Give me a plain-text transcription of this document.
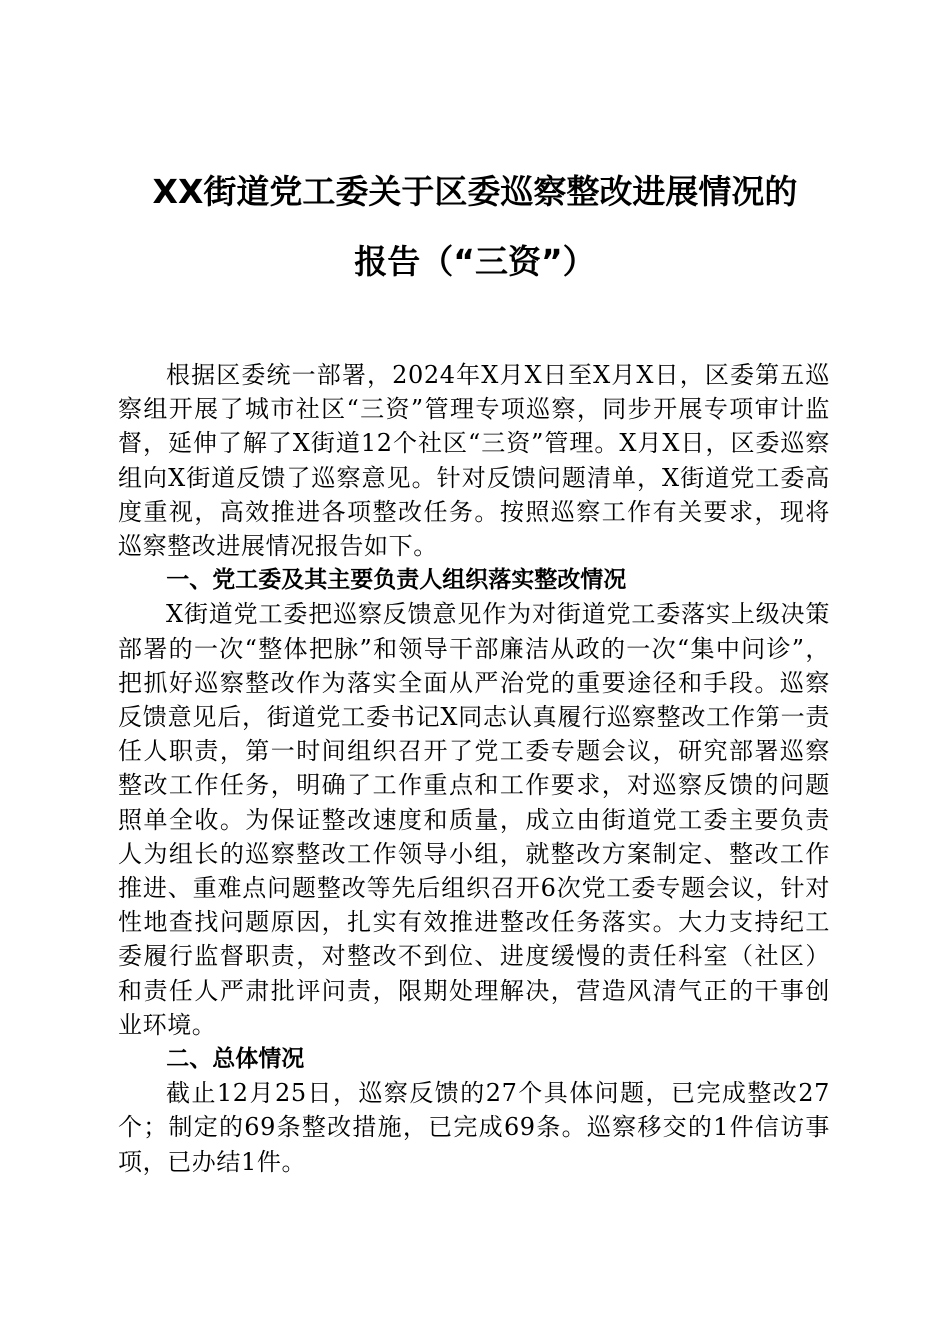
XX街道党工委关于区委巡察整改进展情况的
报告（“三资”）

根据区委统一部署，2024年X月X日至X月X日，区委第五巡察组开展了城市社区“三资”管理专项巡察，同步开展专项审计监督，延伸了解了X街道12个社区“三资”管理。X月X日，区委巡察组向X街道反馈了巡察意见。针对反馈问题清单，X街道党工委高度重视，高效推进各项整改任务。按照巡察工作有关要求，现将巡察整改进展情况报告如下。

一、党工委及其主要负责人组织落实整改情况

X街道党工委把巡察反馈意见作为对街道党工委落实上级决策部署的一次“整体把脉”和领导干部廉洁从政的一次“集中问诊”，把抓好巡察整改作为落实全面从严治党的重要途径和手段。巡察反馈意见后，街道党工委书记X同志认真履行巡察整改工作第一责任人职责，第一时间组织召开了党工委专题会议，研究部署巡察整改工作任务，明确了工作重点和工作要求，对巡察反馈的问题照单全收。为保证整改速度和质量，成立由街道党工委主要负责人为组长的巡察整改工作领导小组，就整改方案制定、整改工作推进、重难点问题整改等先后组织召开6次党工委专题会议，针对性地查找问题原因，扎实有效推进整改任务落实。大力支持纪工委履行监督职责，对整改不到位、进度缓慢的责任科室（社区）和责任人严肃批评问责，限期处理解决，营造风清气正的干事创业环境。

二、总体情况

截止12月25日，巡察反馈的27个具体问题，已完成整改27个；制定的69条整改措施，已完成69条。巡察移交的1件信访事项，已办结1件。
